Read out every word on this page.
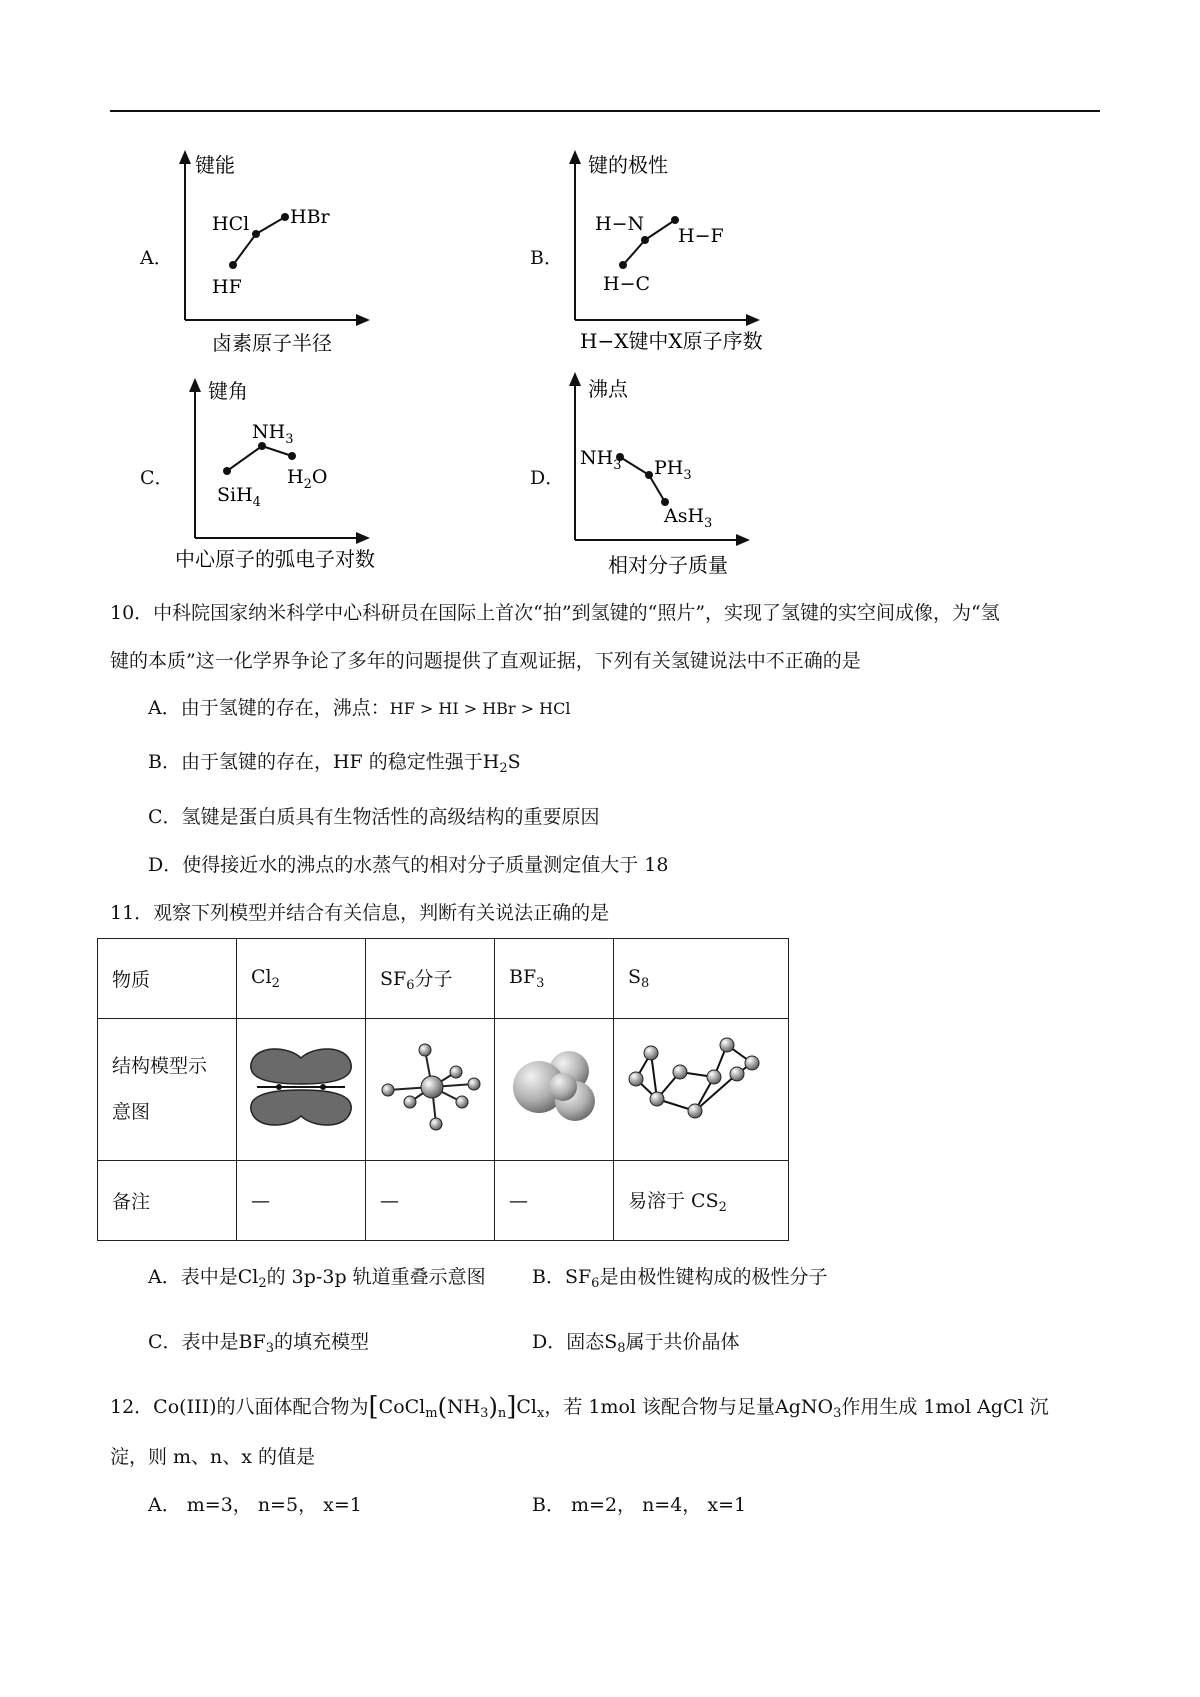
A．
键能
HF
HCl HBr
卤素原子半径
B．
键的极性
H−C
H−N
H−F
H−X键中X原子序数
C．
键角
SiH$_4$
$NH_3$
$H_2O$
中心原子的弧电子对数
D．
沸点
$NH_3$ $PH_3$
AsH$_3$
相对分子质量
10．中科院国家纳米科学中心科研员在国际上首次“拍”到氢键的“照片”，实现了氢键的实空间成像，为“氢
键的本质”这一化学界争论了多年的问题提供了直观证据，下列有关氢键说法中不正确的是
A．由于氢键的存在，沸点：HF > HI > HBr > HCl
B．由于氢键的存在，HF 的稳定性强于$H_2S$
C．氢键是蛋白质具有生物活性的高级结构的重要原因
D．使得接近水的沸点的水蒸气的相对分子质量测定值大于 18
11．观察下列模型并结合有关信息，判断有关说法正确的是
物质	$Cl_2$	$SF_6$分子	$BF_3$	$S_8$

结构模型示
意图

备注	—	—	—	易溶于 $CS_2$
A．表中是$Cl_2$的 3p-3p 轨道重叠示意图 B．$SF_6$是由极性键构成的极性分子
C．表中是$BF_3$的填充模型	D．固态$S_8$属于共价晶体
12．Co(III)的八面体配合物为$[CoCl_m(NH_3)_n]Cl_x$，若 1mol 该配合物与足量AgNO$_3$作用生成 1mol AgCl 沉
淀，则 m、n、x 的值是
A． m=3， n=5， x=1	B． m=2， n=4， x=1
